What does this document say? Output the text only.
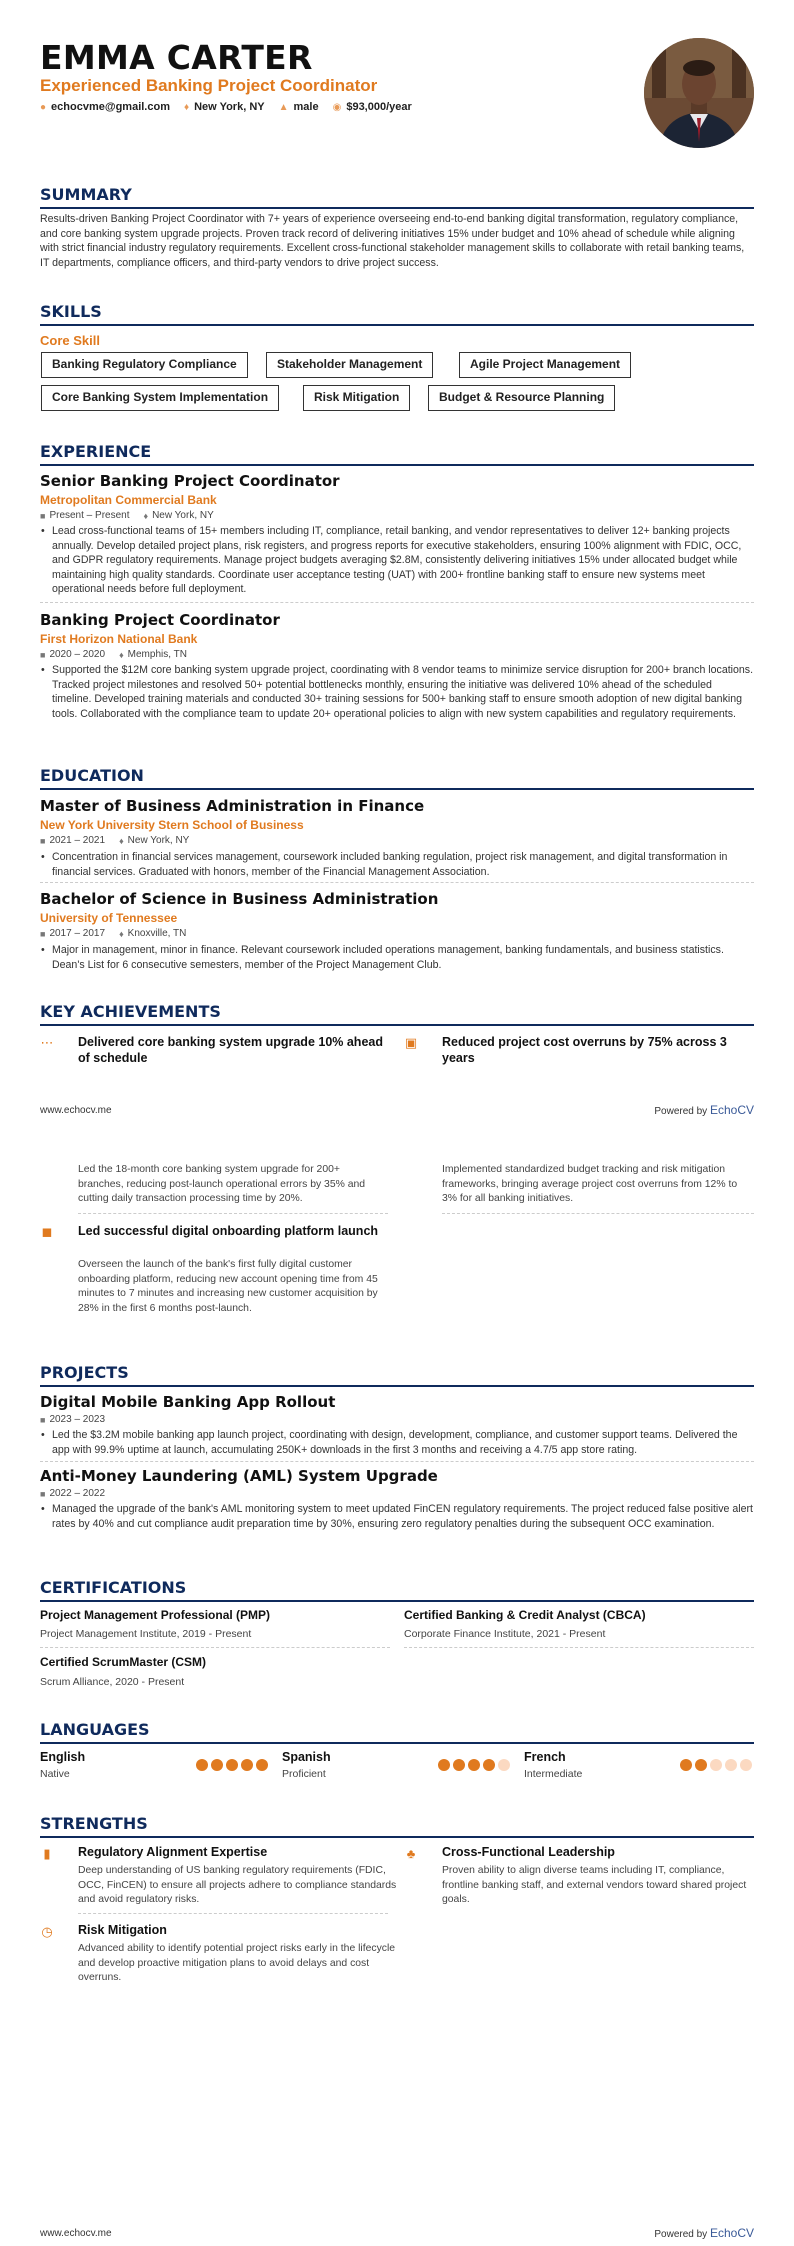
EMMA CARTER
Experienced Banking Project Coordinator
● echocvme@gmail.com ♦ New York, NY ▲ male ◉ $93,000/year
SUMMARY
Results-driven Banking Project Coordinator with 7+ years of experience overseeing end-to-end banking digital transformation, regulatory compliance, and core banking system upgrade projects. Proven track record of delivering initiatives 15% under budget and 10% ahead of schedule while aligning with strict financial industry regulatory requirements. Excellent cross-functional stakeholder management skills to collaborate with retail banking teams, IT departments, compliance officers, and third-party vendors to drive project success.
SKILLS
Core Skill
Banking Regulatory Compliance	Stakeholder Management	Agile Project Management
Core Banking System Implementation	Risk Mitigation	Budget & Resource Planning
EXPERIENCE
Senior Banking Project Coordinator
Metropolitan Commercial Bank
■ Present – Present ♦ New York, NY
• Lead cross-functional teams of 15+ members including IT, compliance, retail banking, and vendor representatives to deliver 12+ banking projects annually. Develop detailed project plans, risk registers, and progress reports for executive stakeholders, ensuring 100% alignment with FDIC, OCC, and GDPR regulatory requirements. Manage project budgets averaging $2.8M, consistently delivering initiatives 15% under allocated budget while maintaining high quality standards. Coordinate user acceptance testing (UAT) with 200+ frontline banking staff to ensure new systems meet operational needs before full deployment.
Banking Project Coordinator
First Horizon National Bank
■ 2020 – 2020 ♦ Memphis, TN
• Supported the $12M core banking system upgrade project, coordinating with 8 vendor teams to minimize service disruption for 200+ branch locations. Tracked project milestones and resolved 50+ potential bottlenecks monthly, ensuring the initiative was delivered 10% ahead of the scheduled timeline. Developed training materials and conducted 30+ training sessions for 500+ banking staff to ensure smooth adoption of new digital banking tools. Collaborated with the compliance team to update 20+ operational policies to align with new system capabilities and regulatory requirements.
EDUCATION
Master of Business Administration in Finance
New York University Stern School of Business
■ 2021 – 2021 ♦ New York, NY
• Concentration in financial services management, coursework included banking regulation, project risk management, and digital transformation in financial services. Graduated with honors, member of the Financial Management Association.
Bachelor of Science in Business Administration
University of Tennessee
■ 2017 – 2017 ♦ Knoxville, TN
• Major in management, minor in finance. Relevant coursework included operations management, banking fundamentals, and business statistics. Dean's List for 6 consecutive semesters, member of the Project Management Club.
KEY ACHIEVEMENTS
⋯ Delivered core banking system upgrade 10% ahead of schedule
▣ Reduced project cost overruns by 75% across 3 years
www.echocv.me	Powered by EchoCV
Led the 18-month core banking system upgrade for 200+ branches, reducing post-launch operational errors by 35% and cutting daily transaction processing time by 20%.
Implemented standardized budget tracking and risk mitigation frameworks, bringing average project cost overruns from 12% to 3% for all banking initiatives.
◼ Led successful digital onboarding platform launch
Overseen the launch of the bank's first fully digital customer onboarding platform, reducing new account opening time from 45 minutes to 7 minutes and increasing new customer acquisition by 28% in the first 6 months post-launch.
PROJECTS
Digital Mobile Banking App Rollout
■ 2023 – 2023
• Led the $3.2M mobile banking app launch project, coordinating with design, development, compliance, and customer support teams. Delivered the app with 99.9% uptime at launch, accumulating 250K+ downloads in the first 3 months and receiving a 4.7/5 app store rating.
Anti-Money Laundering (AML) System Upgrade
■ 2022 – 2022
• Managed the upgrade of the bank's AML monitoring system to meet updated FinCEN regulatory requirements. The project reduced false positive alert rates by 40% and cut compliance audit preparation time by 30%, ensuring zero regulatory penalties during the subsequent OCC examination.
CERTIFICATIONS
Project Management Professional (PMP)
Project Management Institute, 2019 - Present
Certified Banking & Credit Analyst (CBCA)
Corporate Finance Institute, 2021 - Present
Certified ScrumMaster (CSM)
Scrum Alliance, 2020 - Present
LANGUAGES
English
Native
Spanish
Proficient
French
Intermediate
STRENGTHS
▮ Regulatory Alignment Expertise
Deep understanding of US banking regulatory requirements (FDIC, OCC, FinCEN) to ensure all projects adhere to compliance standards and avoid regulatory risks.
♣ Cross-Functional Leadership
Proven ability to align diverse teams including IT, compliance, frontline banking staff, and external vendors toward shared project goals.
◷ Risk Mitigation
Advanced ability to identify potential project risks early in the lifecycle and develop proactive mitigation plans to avoid delays and cost overruns.
www.echocv.me	Powered by EchoCV
